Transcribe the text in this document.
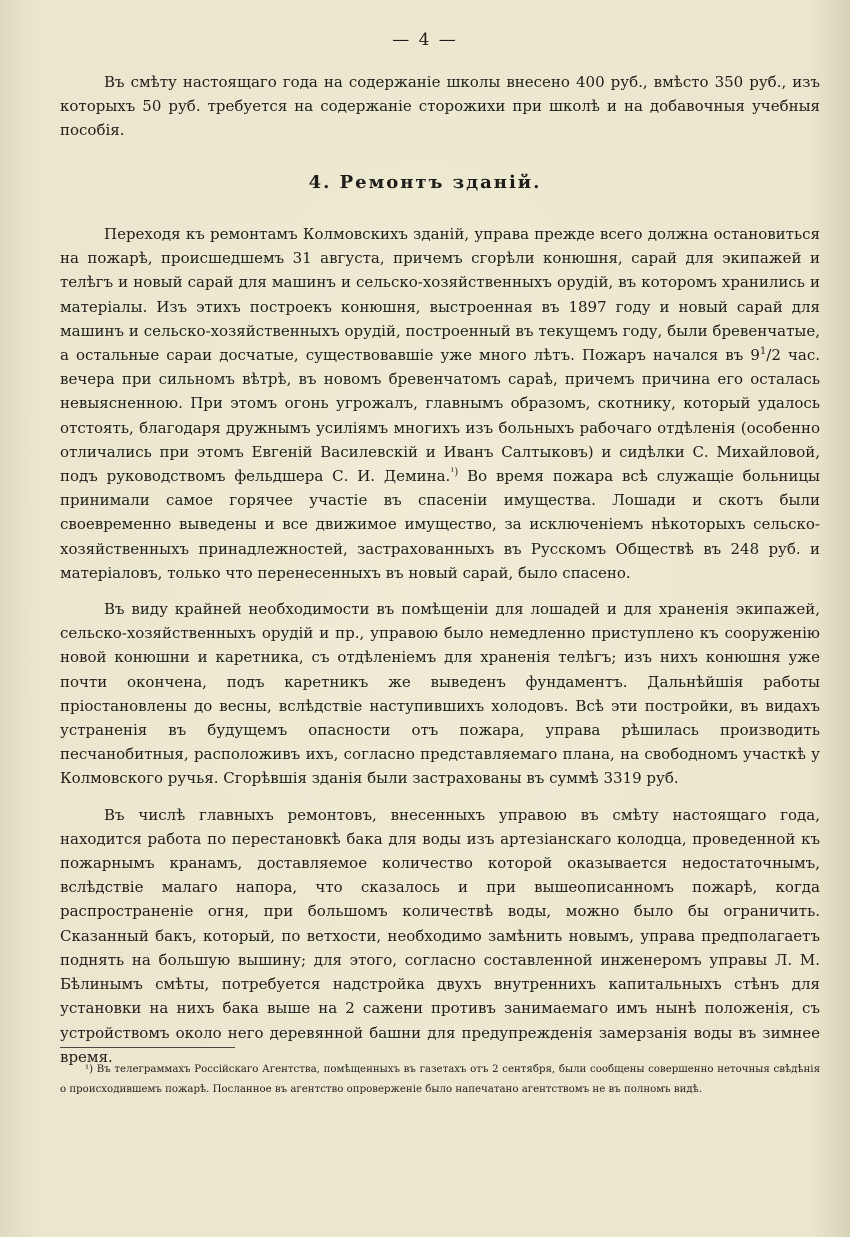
— 4 —

Въ смѣту настоящаго года на содержаніе школы внесено 400 руб., вмѣсто 350 руб., изъ которыхъ 50 руб. требуется на содержаніе сторожихи при школѣ и на добавочныя учебныя пособія.

4. Ремонтъ зданій.

Переходя къ ремонтамъ Колмовскихъ зданій, управа прежде всего должна остановиться на пожарѣ, происшедшемъ 31 августа, причемъ сгорѣли конюшня, сарай для экипажей и телѣгъ и новый сарай для машинъ и сельско-хозяйственныхъ орудій, въ которомъ хранились и матеріалы. Изъ этихъ построекъ конюшня, выстроенная въ 1897 году и новый сарай для машинъ и сельско-хозяйственныхъ орудій, построенный въ текущемъ году, были бревенчатые, а остальные сараи досчатые, существовавшіе уже много лѣтъ. Пожаръ начался въ $9^1/2$ час. вечера при сильномъ вѣтрѣ, въ новомъ бревенчатомъ сараѣ, причемъ причина его осталась невыясненною. При этомъ огонь угрожалъ, главнымъ образомъ, скотнику, который удалось отстоять, благодаря дружнымъ усиліямъ многихъ изъ больныхъ рабочаго отдѣленія (особенно отличались при этомъ Евгеній Василевскій и Иванъ Салтыковъ) и сидѣлки С. Михайловой, подъ руководствомъ фельдшера С. И. Демина.$^{^1)}$ Во время пожара всѣ служащіе больницы принимали самое горячее участіе въ спасеніи имущества. Лошади и скотъ были своевременно выведены и все движимое имущество, за исключеніемъ нѣкоторыхъ сельско-хозяйственныхъ принадлежностей, застрахованныхъ въ Русскомъ Обществѣ въ 248 руб. и матеріаловъ, только что перенесенныхъ въ новый сарай, было спасено.

Въ виду крайней необходимости въ помѣщеніи для лошадей и для храненія экипажей, сельско-хозяйственныхъ орудій и пр., управою было немедленно приступлено къ сооруженію новой конюшни и каретника, съ отдѣленіемъ для храненія телѣгъ; изъ нихъ конюшня уже почти окончена, подъ каретникъ же выведенъ фундаментъ. Дальнѣйшія работы пріостановлены до весны, вслѣдствіе наступившихъ холодовъ. Всѣ эти постройки, въ видахъ устраненія въ будущемъ опасности отъ пожара, управа рѣшилась производить песчанобитныя, расположивъ ихъ, согласно представляемаго плана, на свободномъ участкѣ у Колмовского ручья. Сгорѣвшія зданія были застрахованы въ суммѣ 3319 руб.

Въ числѣ главныхъ ремонтовъ, внесенныхъ управою въ смѣту настоящаго года, находится работа по перестановкѣ бака для воды изъ артезіанскаго колодца, проведенной къ пожарнымъ кранамъ, доставляемое количество которой оказывается недостаточнымъ, вслѣдствіе малаго напора, что сказалось и при вышеописанномъ пожарѣ, когда распространеніе огня, при большомъ количествѣ воды, можно было бы ограничить. Сказанный бакъ, который, по ветхости, необходимо замѣнить новымъ, управа предполагаетъ поднять на большую вышину; для этого, согласно составленной инженеромъ управы Л. М. Бѣлинымъ смѣты, потребуется надстройка двухъ внутреннихъ капитальныхъ стѣнъ для установки на нихъ бака выше на 2 сажени противъ занимаемаго имъ нынѣ положенія, съ устройствомъ около него деревянной башни для предупрежденія замерзанія воды въ зимнее время.

¹) Въ телеграммахъ Россійскаго Агентства, помѣщенныхъ въ газетахъ отъ 2 сентября, были сообщены совершенно неточныя свѣдѣнія о происходившемъ пожарѣ. Посланное въ агентство опроверженіе было напечатано агентствомъ не въ полномъ видѣ.
